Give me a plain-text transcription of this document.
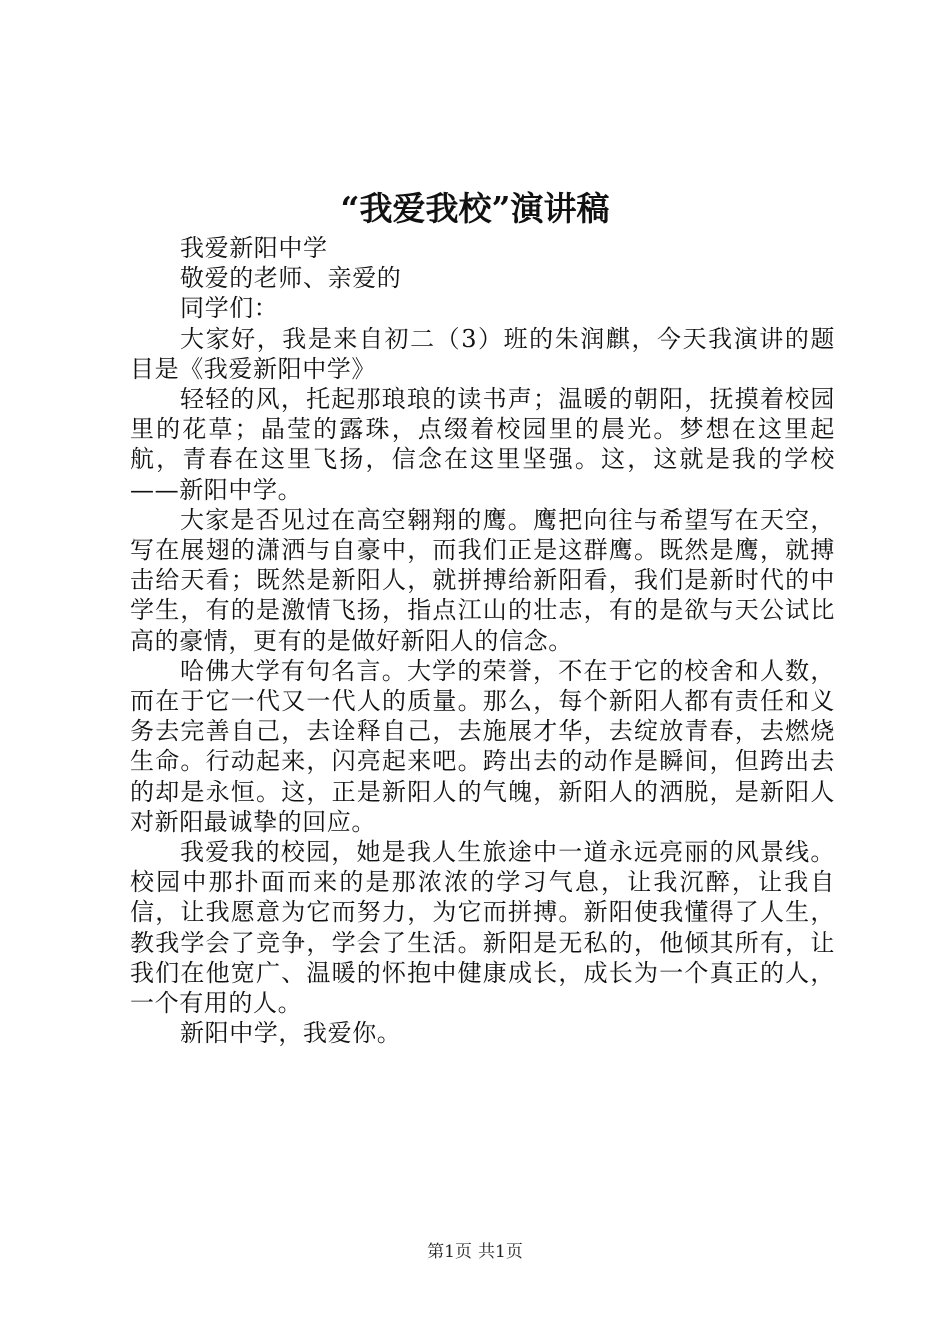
“我爱我校”演讲稿

我爱新阳中学

敬爱的老师、亲爱的

同学们：

大家好，我是来自初二（3）班的朱润麒，今天我演讲的题目是《我爱新阳中学》

轻轻的风，托起那琅琅的读书声；温暖的朝阳，抚摸着校园里的花草；晶莹的露珠，点缀着校园里的晨光。梦想在这里起航，青春在这里飞扬，信念在这里坚强。这，这就是我的学校——新阳中学。

大家是否见过在高空翱翔的鹰。鹰把向往与希望写在天空，写在展翅的潇洒与自豪中，而我们正是这群鹰。既然是鹰，就搏击给天看；既然是新阳人，就拼搏给新阳看，我们是新时代的中学生，有的是激情飞扬，指点江山的壮志，有的是欲与天公试比高的豪情，更有的是做好新阳人的信念。

哈佛大学有句名言。大学的荣誉，不在于它的校舍和人数，而在于它一代又一代人的质量。那么，每个新阳人都有责任和义务去完善自己，去诠释自己，去施展才华，去绽放青春，去燃烧生命。行动起来，闪亮起来吧。跨出去的动作是瞬间，但跨出去的却是永恒。这，正是新阳人的气魄，新阳人的洒脱，是新阳人对新阳最诚挚的回应。

我爱我的校园，她是我人生旅途中一道永远亮丽的风景线。校园中那扑面而来的是那浓浓的学习气息，让我沉醉，让我自信，让我愿意为它而努力，为它而拼搏。新阳使我懂得了人生，教我学会了竞争，学会了生活。新阳是无私的，他倾其所有，让我们在他宽广、温暖的怀抱中健康成长，成长为一个真正的人，一个有用的人。

新阳中学，我爱你。

第1页 共1页
